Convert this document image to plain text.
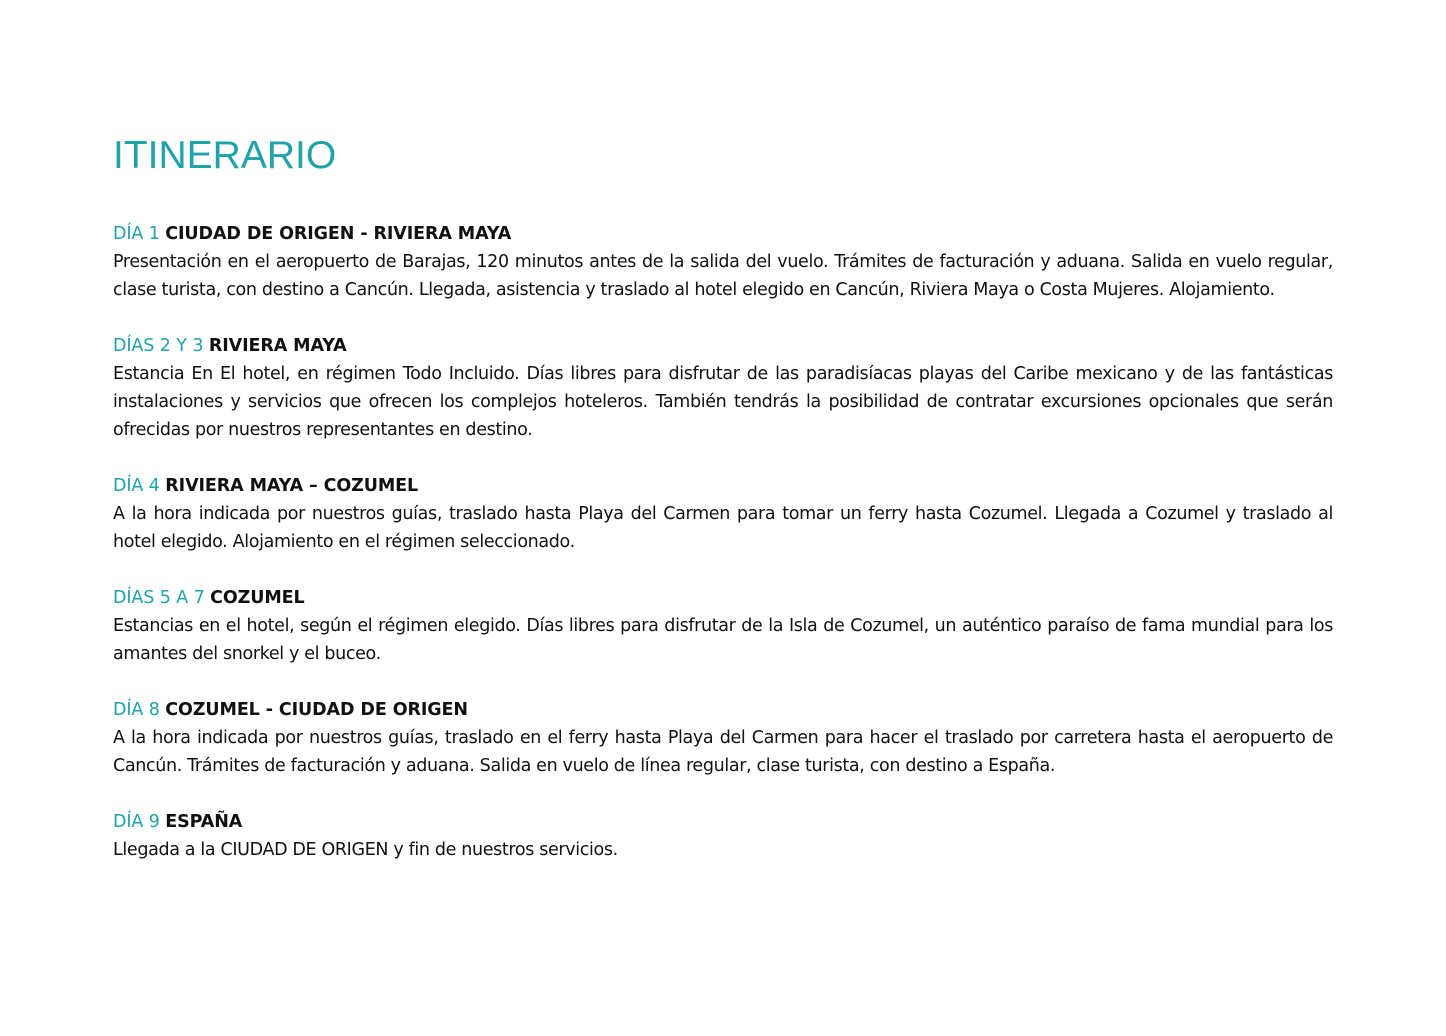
ITINERARIO

DÍA 1 CIUDAD DE ORIGEN - RIVIERA MAYA

Presentación en el aeropuerto de Barajas, 120 minutos antes de la salida del vuelo. Trámites de facturación y aduana. Salida en vuelo regular, clase turista, con destino a Cancún. Llegada, asistencia y traslado al hotel elegido en Cancún, Riviera Maya o Costa Mujeres. Alojamiento.

DÍAS 2 Y 3 RIVIERA MAYA

Estancia En El hotel, en régimen Todo Incluido. Días libres para disfrutar de las paradisíacas playas del Caribe mexicano y de las fantásticas instalaciones y servicios que ofrecen los complejos hoteleros. También tendrás la posibilidad de contratar excursiones opcionales que serán ofrecidas por nuestros representantes en destino.

DÍA 4 RIVIERA MAYA – COZUMEL

A la hora indicada por nuestros guías, traslado hasta Playa del Carmen para tomar un ferry hasta Cozumel. Llegada a Cozumel y traslado al hotel elegido. Alojamiento en el régimen seleccionado.

DÍAS 5 A 7 COZUMEL

Estancias en el hotel, según el régimen elegido. Días libres para disfrutar de la Isla de Cozumel, un auténtico paraíso de fama mundial para los amantes del snorkel y el buceo.

DÍA 8 COZUMEL - CIUDAD DE ORIGEN

A la hora indicada por nuestros guías, traslado en el ferry hasta Playa del Carmen para hacer el traslado por carretera hasta el aeropuerto de Cancún. Trámites de facturación y aduana. Salida en vuelo de línea regular, clase turista, con destino a España.

DÍA 9 ESPAÑA

Llegada a la CIUDAD DE ORIGEN y fin de nuestros servicios.
